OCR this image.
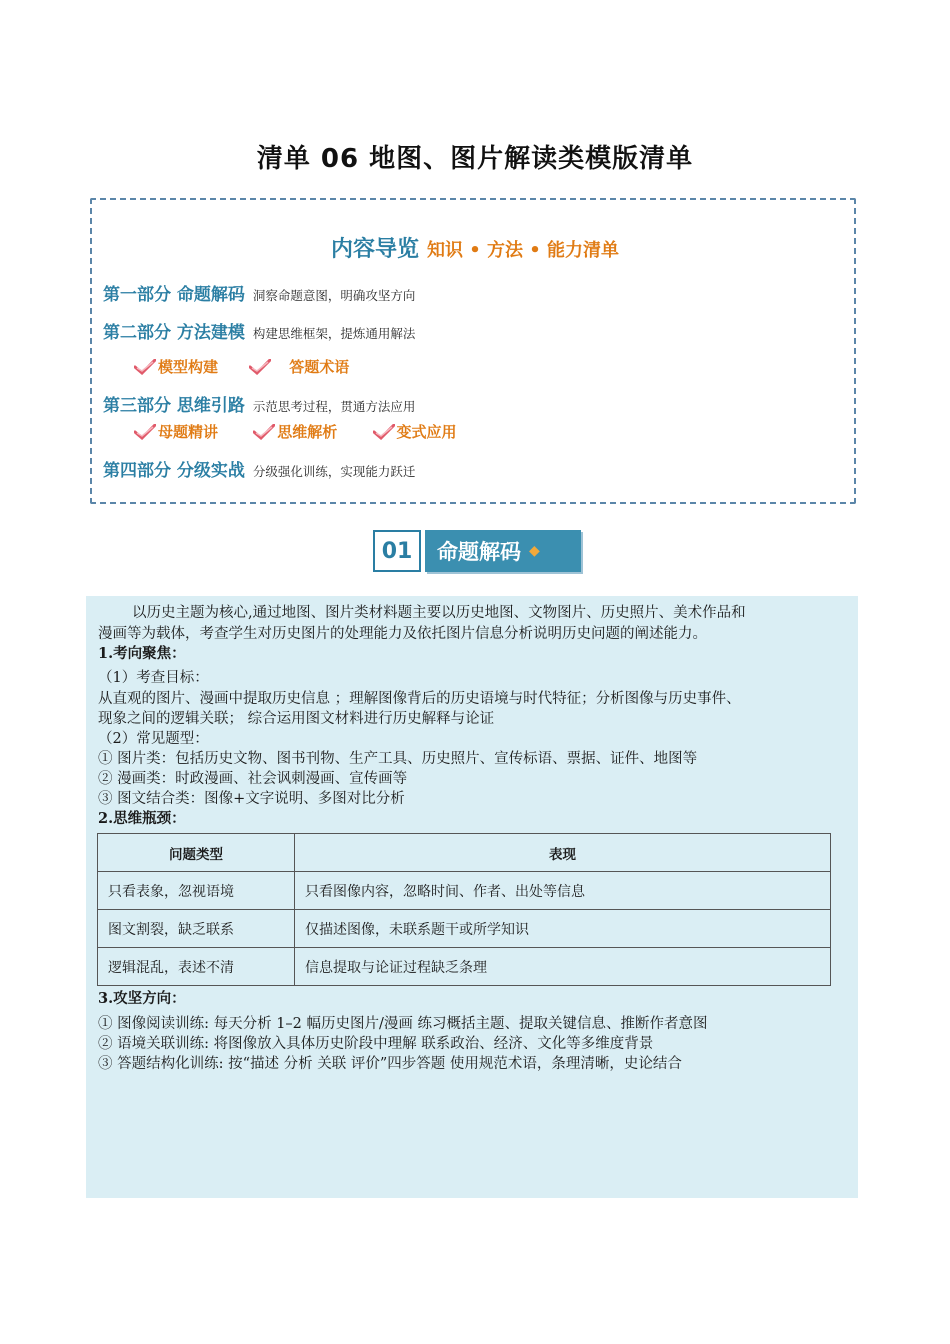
清单 06 地图、图片解读类模版清单
内容导览 知识 • 方法 • 能力清单
第一部分 命题解码 洞察命题意图，明确攻坚方向
第二部分 方法建模 构建思维框架，提炼通用解法
模型构建
	答题术语
第三部分 思维引路 示范思考过程，贯通方法应用
母题精讲
	思维解析
	变式应用
第四部分 分级实战 分级强化训练，实现能力跃迁
01	命题解码 ◆
以历史主题为核心,通过地图、图片类材料题主要以历史地图、文物图片、历史照片、美术作品和
漫画等为载体，考查学生对历史图片的处理能力及依托图片信息分析说明历史问题的阐述能力。
1.考向聚焦：
（1）考查目标：
从直观的图片、漫画中提取历史信息 ；理解图像背后的历史语境与时代特征；分析图像与历史事件、
现象之间的逻辑关联； 综合运用图文材料进行历史解释与论证
（2）常见题型：
① 图片类：包括历史文物、图书刊物、生产工具、历史照片、宣传标语、票据、证件、地图等
② 漫画类：时政漫画、社会讽刺漫画、宣传画等
③ 图文结合类：图像+文字说明、多图对比分析
2.思维瓶颈：
问题类型	表现
只看表象，忽视语境	只看图像内容，忽略时间、作者、出处等信息
图文割裂，缺乏联系	仅描述图像，未联系题干或所学知识
逻辑混乱，表述不清	信息提取与论证过程缺乏条理
3.攻坚方向：
① 图像阅读训练: 每天分析 1–2 幅历史图片/漫画 练习概括主题、提取关键信息、推断作者意图
② 语境关联训练: 将图像放入具体历史阶段中理解 联系政治、经济、文化等多维度背景
③ 答题结构化训练: 按“描述 分析 关联 评价”四步答题 使用规范术语，条理清晰，史论结合
